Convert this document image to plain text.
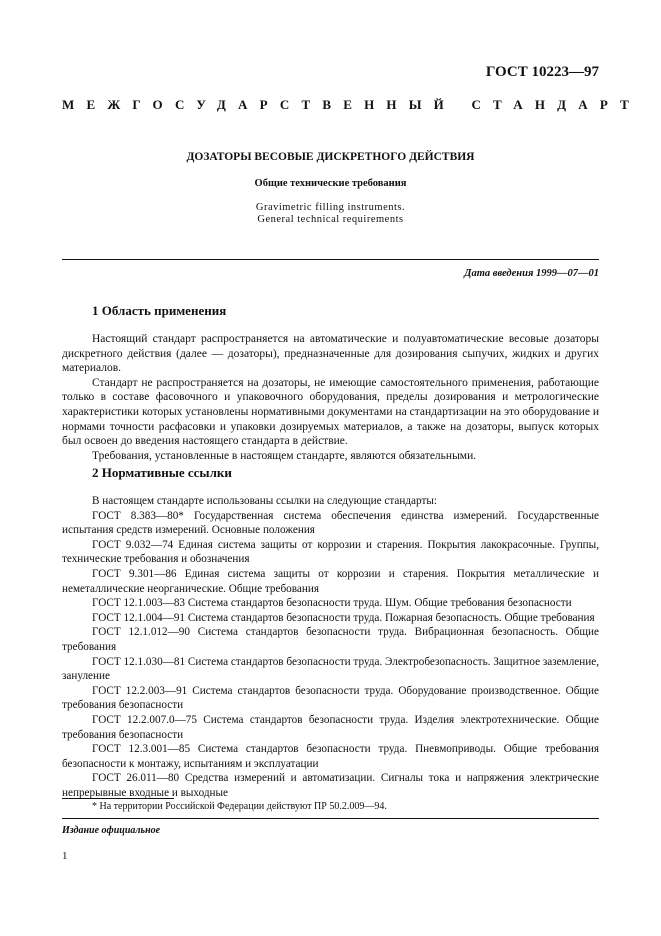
ГОСТ 10223—97
МЕЖГОСУДАРСТВЕННЫЙ СТАНДАРТ
ДОЗАТОРЫ ВЕСОВЫЕ ДИСКРЕТНОГО ДЕЙСТВИЯ
Общие технические требования
Gravimetric filling instruments.
General technical requirements
Дата введения 1999—07—01
1 Область применения

Настоящий стандарт распространяется на автоматические и полуавтоматические весовые дозаторы дискретного действия (далее — дозаторы), предназначенные для дозирования сыпучих, жидких и других материалов.

Стандарт не распространяется на дозаторы, не имеющие самостоятельного применения, работающие только в составе фасовочного и упаковочного оборудования, пределы дозирования и метрологические характеристики которых установлены нормативными документами на стандартизации на это оборудование и нормами точности расфасовки и упаковки дозируемых материалов, а также на дозаторы, выпуск которых был освоен до введения настоящего стандарта в действие.

Требования, установленные в настоящем стандарте, являются обязательными.

2 Нормативные ссылки

В настоящем стандарте использованы ссылки на следующие стандарты:

ГОСТ 8.383—80* Государственная система обеспечения единства измерений. Государственные испытания средств измерений. Основные положения

ГОСТ 9.032—74 Единая система защиты от коррозии и старения. Покрытия лакокрасочные. Группы, технические требования и обозначения

ГОСТ 9.301—86 Единая система защиты от коррозии и старения. Покрытия металлические и неметаллические неорганические. Общие требования

ГОСТ 12.1.003—83 Система стандартов безопасности труда. Шум. Общие требования безопасности

ГОСТ 12.1.004—91 Система стандартов безопасности труда. Пожарная безопасность. Общие требования

ГОСТ 12.1.012—90 Система стандартов безопасности труда. Вибрационная безопасность. Общие требования

ГОСТ 12.1.030—81 Система стандартов безопасности труда. Электробезопасность. Защитное заземление, зануление

ГОСТ 12.2.003—91 Система стандартов безопасности труда. Оборудование производственное. Общие требования безопасности

ГОСТ 12.2.007.0—75 Система стандартов безопасности труда. Изделия электротехнические. Общие требования безопасности

ГОСТ 12.3.001—85 Система стандартов безопасности труда. Пневмоприводы. Общие требования безопасности к монтажу, испытаниям и эксплуатации

ГОСТ 26.011—80 Средства измерений и автоматизации. Сигналы тока и напряжения электрические непрерывные входные и выходные

* На территории Российской Федерации действуют ПР 50.2.009—94.
Издание официальное
1
